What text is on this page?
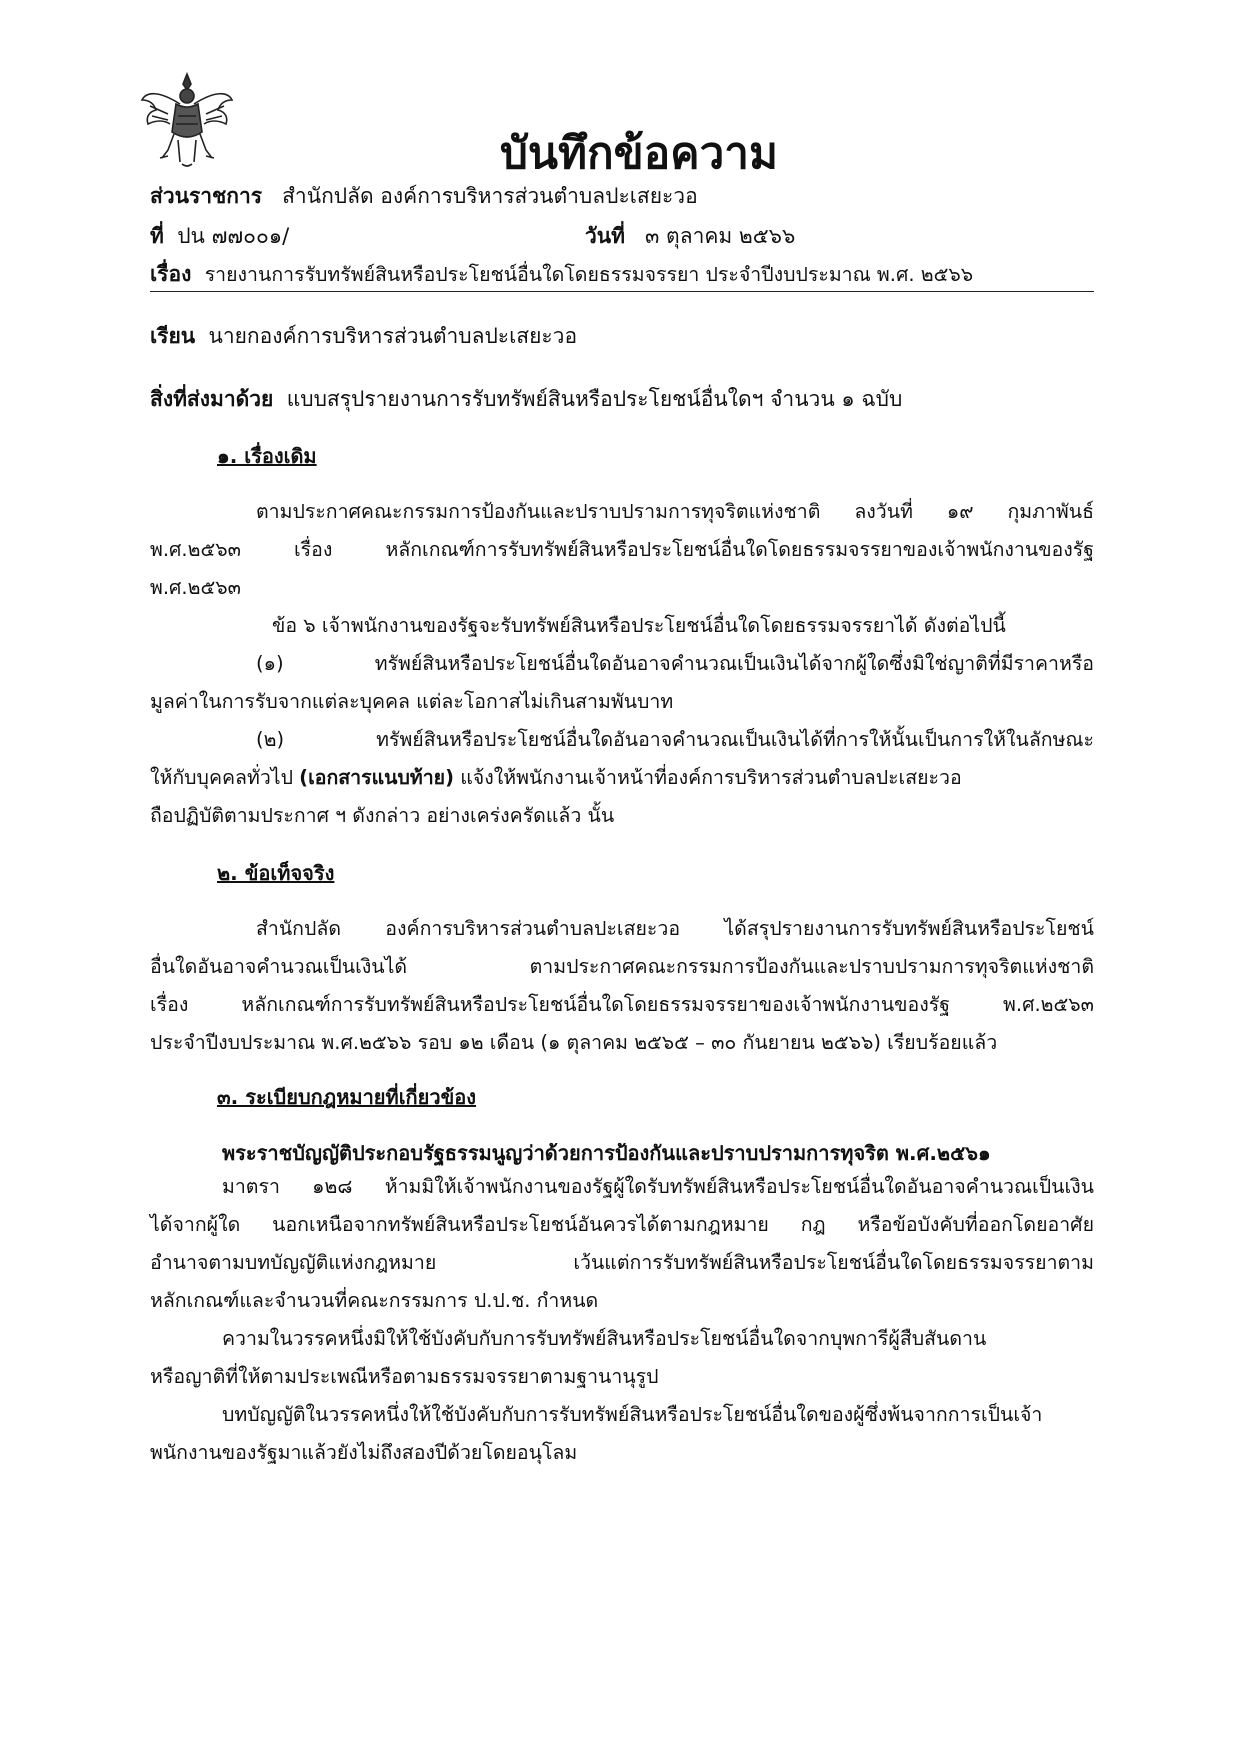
บันทึกข้อความ
ส่วนราชการ สำนักปลัด องค์การบริหารส่วนตำบลปะเสยะวอ
ที่ ปน ๗๗๐๐๑/	วันที่ ๓ ตุลาคม ๒๕๖๖
เรื่อง รายงานการรับทรัพย์สินหรือประโยชน์อื่นใดโดยธรรมจรรยา ประจำปีงบประมาณ พ.ศ. ๒๕๖๖
เรียน นายกองค์การบริหารส่วนตำบลปะเสยะวอ
สิ่งที่ส่งมาด้วย แบบสรุปรายงานการรับทรัพย์สินหรือประโยชน์อื่นใดฯ จำนวน ๑ ฉบับ
๑. เรื่องเดิม
ตามประกาศคณะกรรมการป้องกันและปราบปรามการทุจริตแห่งชาติ ลงวันที่ ๑๙ กุมภาพันธ์
พ.ศ.๒๕๖๓ เรื่อง หลักเกณฑ์การรับทรัพย์สินหรือประโยชน์อื่นใดโดยธรรมจรรยาของเจ้าพนักงานของรัฐ
พ.ศ.๒๕๖๓
ข้อ ๖ เจ้าพนักงานของรัฐจะรับทรัพย์สินหรือประโยชน์อื่นใดโดยธรรมจรรยาได้ ดังต่อไปนี้
(๑) ทรัพย์สินหรือประโยชน์อื่นใดอันอาจคำนวณเป็นเงินได้จากผู้ใดซึ่งมิใช่ญาติที่มีราคาหรือ
มูลค่าในการรับจากแต่ละบุคคล แต่ละโอกาสไม่เกินสามพันบาท
(๒) ทรัพย์สินหรือประโยชน์อื่นใดอันอาจคำนวณเป็นเงินได้ที่การให้นั้นเป็นการให้ในลักษณะ
ให้กับบุคคลทั่วไป (เอกสารแนบท้าย) แจ้งให้พนักงานเจ้าหน้าที่องค์การบริหารส่วนตำบลปะเสยะวอ
ถือปฏิบัติตามประกาศ ฯ ดังกล่าว อย่างเคร่งครัดแล้ว นั้น
๒. ข้อเท็จจริง
สำนักปลัด องค์การบริหารส่วนตำบลปะเสยะวอ ได้สรุปรายงานการรับทรัพย์สินหรือประโยชน์
อื่นใดอันอาจคำนวณเป็นเงินได้ ตามประกาศคณะกรรมการป้องกันและปราบปรามการทุจริตแห่งชาติ
เรื่อง หลักเกณฑ์การรับทรัพย์สินหรือประโยชน์อื่นใดโดยธรรมจรรยาของเจ้าพนักงานของรัฐ พ.ศ.๒๕๖๓
ประจำปีงบประมาณ พ.ศ.๒๕๖๖ รอบ ๑๒ เดือน (๑ ตุลาคม ๒๕๖๕ – ๓๐ กันยายน ๒๕๖๖) เรียบร้อยแล้ว
๓. ระเบียบกฎหมายที่เกี่ยวข้อง
พระราชบัญญัติประกอบรัฐธรรมนูญว่าด้วยการป้องกันและปราบปรามการทุจริต พ.ศ.๒๕๖๑
มาตรา ๑๒๘ ห้ามมิให้เจ้าพนักงานของรัฐผู้ใดรับทรัพย์สินหรือประโยชน์อื่นใดอันอาจคำนวณเป็นเงิน
ได้จากผู้ใด นอกเหนือจากทรัพย์สินหรือประโยชน์อันควรได้ตามกฎหมาย กฎ หรือข้อบังคับที่ออกโดยอาศัย
อำนาจตามบทบัญญัติแห่งกฎหมาย เว้นแต่การรับทรัพย์สินหรือประโยชน์อื่นใดโดยธรรมจรรยาตาม
หลักเกณฑ์และจำนวนที่คณะกรรมการ ป.ป.ช. กำหนด
ความในวรรคหนึ่งมิให้ใช้บังคับกับการรับทรัพย์สินหรือประโยชน์อื่นใดจากบุพการีผู้สืบสันดาน
หรือญาติที่ให้ตามประเพณีหรือตามธรรมจรรยาตามฐานานุรูป
บทบัญญัติในวรรคหนึ่งให้ใช้บังคับกับการรับทรัพย์สินหรือประโยชน์อื่นใดของผู้ซึ่งพ้นจากการเป็นเจ้า
พนักงานของรัฐมาแล้วยังไม่ถึงสองปีด้วยโดยอนุโลม
